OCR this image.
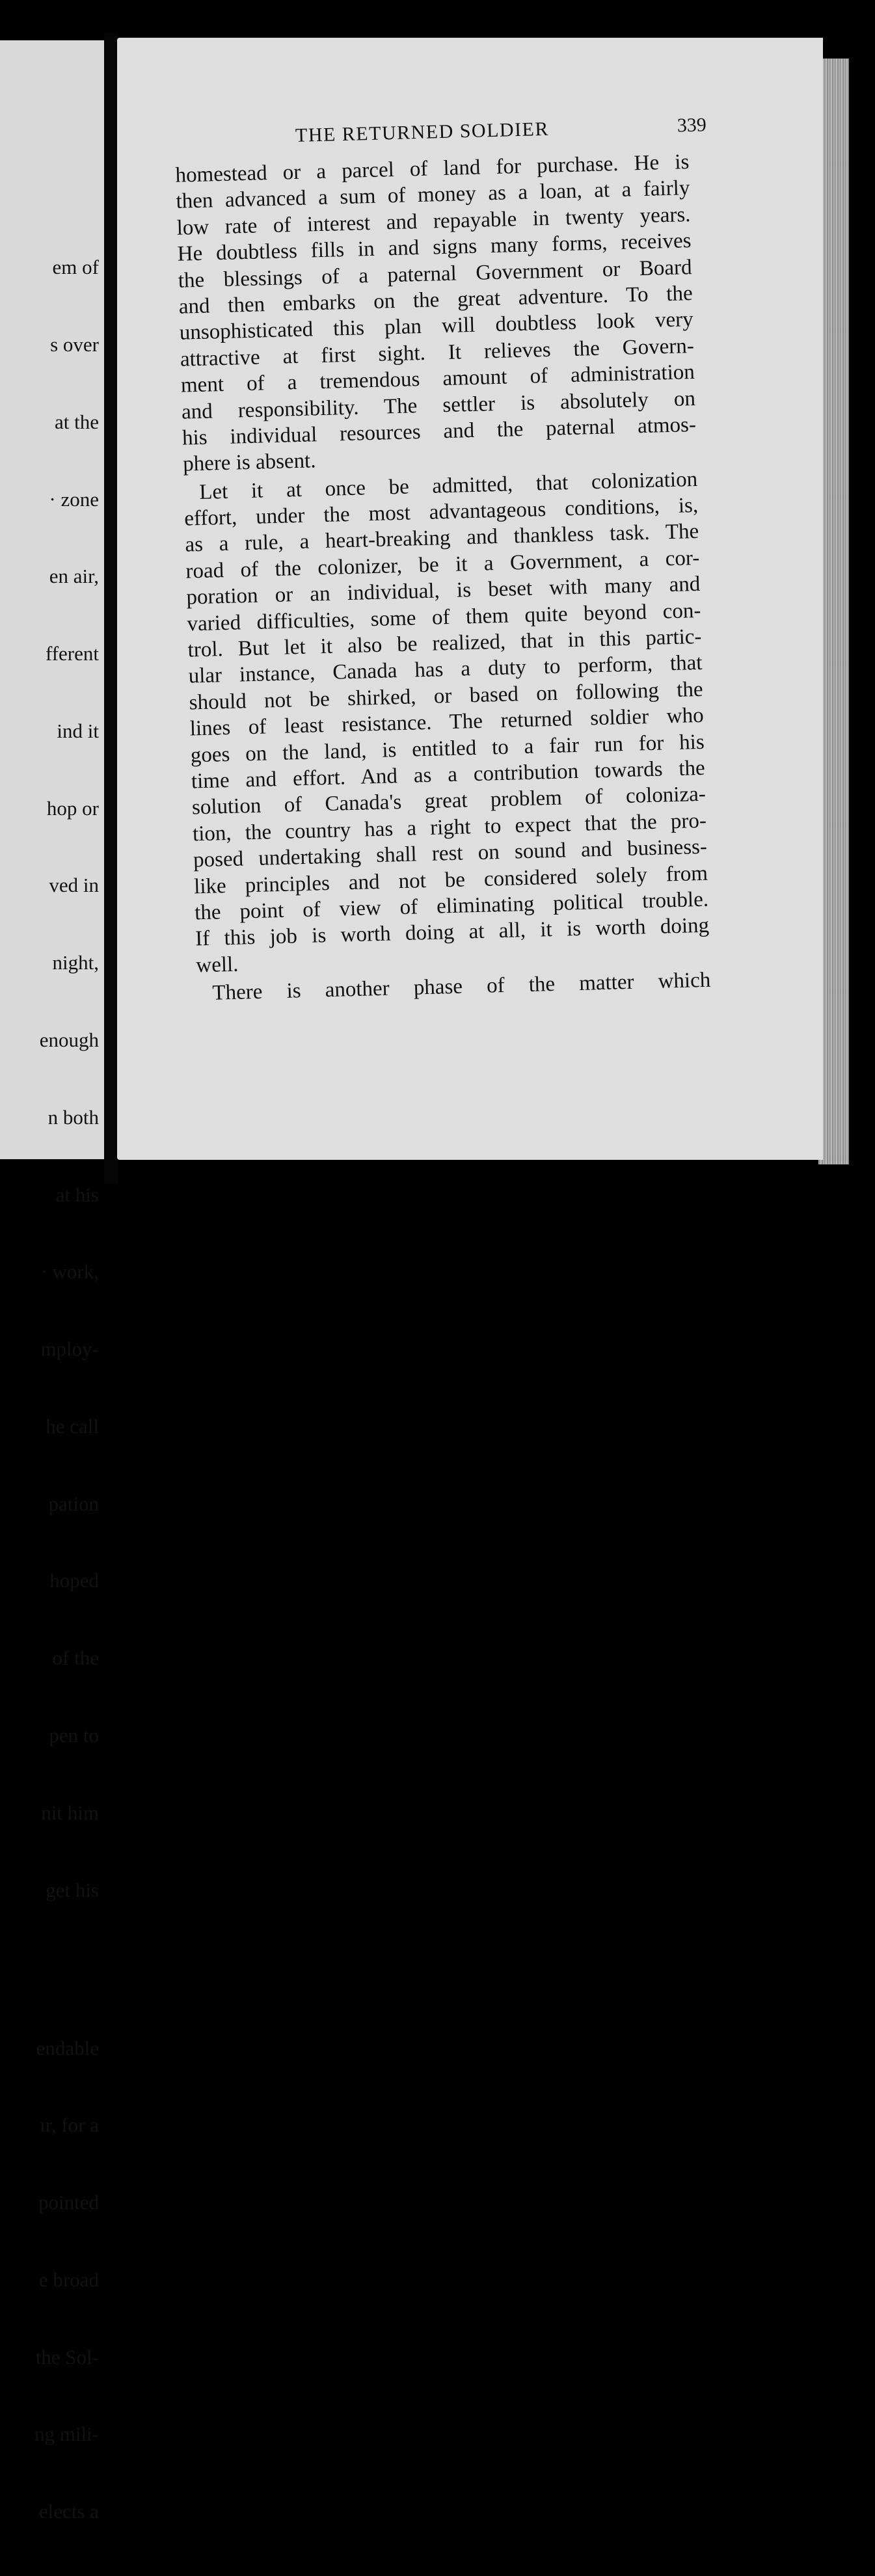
em of

s over

at the

· zone

en air,

fferent

ind it

hop or

ved in

night,

enough

n both

at his

· work,

mploy-

he call

pation

hoped

of the

pen to

nit him

get his

endable

ır, for a

pointed

e broad

the Sol-

ng mili-

elects a

THE RETURNED SOLDIER	339
homestead or a parcel of land for purchase. He is
then advanced a sum of money as a loan, at a fairly
low rate of interest and repayable in twenty years.
He doubtless fills in and signs many forms, receives
the blessings of a paternal Government or Board
and then embarks on the great adventure. To the
unsophisticated this plan will doubtless look very
attractive at first sight. It relieves the Govern-
ment of a tremendous amount of administration
and responsibility. The settler is absolutely on
his individual resources and the paternal atmos-
phere is absent.
Let it at once be admitted, that colonization
effort, under the most advantageous conditions, is,
as a rule, a heart-breaking and thankless task. The
road of the colonizer, be it a Government, a cor-
poration or an individual, is beset with many and
varied difficulties, some of them quite beyond con-
trol. But let it also be realized, that in this partic-
ular instance, Canada has a duty to perform, that
should not be shirked, or based on following the
lines of least resistance. The returned soldier who
goes on the land, is entitled to a fair run for his
time and effort. And as a contribution towards the
solution of Canada's great problem of coloniza-
tion, the country has a right to expect that the pro-
posed undertaking shall rest on sound and business-
like principles and not be considered solely from
the point of view of eliminating political trouble.
If this job is worth doing at all, it is worth doing
well.
There is another phase of the matter which
